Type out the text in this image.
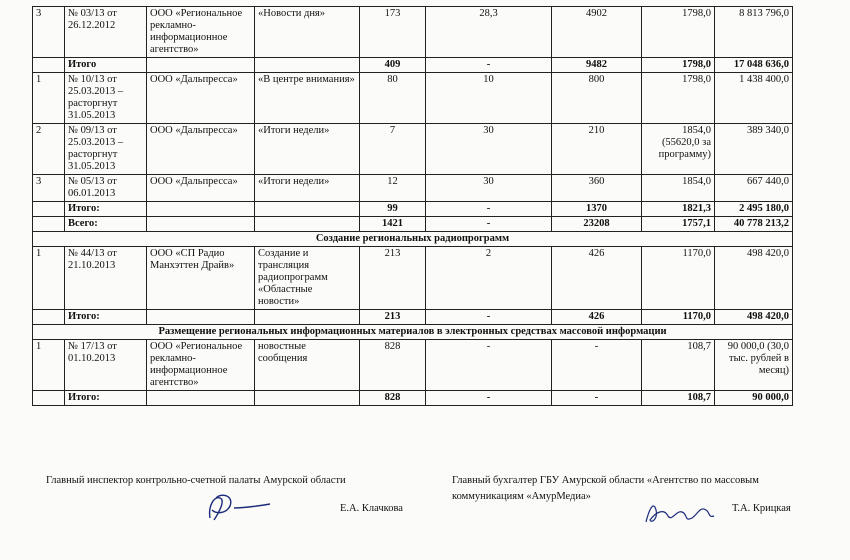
3	№ 03/13 от 26.12.2012	ООО «Региональное рекламно-информационное агентство»	«Новости дня»	173	28,3	4902	1798,0	8 813 796,0
	Итого			409	-	9482	1798,0	17 048 636,0
1	№ 10/13 от 25.03.2013 – расторгнут 31.05.2013	ООО «Дальпресса»	«В центре внимания»	80	10	800	1798,0	1 438 400,0
2	№ 09/13 от 25.03.2013 – расторгнут 31.05.2013	ООО «Дальпресса»	«Итоги недели»	7	30	210	1854,0 (55620,0 за программу)	389 340,0
3	№ 05/13 от 06.01.2013	ООО «Дальпресса»	«Итоги недели»	12	30	360	1854,0	667 440,0
	Итого:			99	-	1370	1821,3	2 495 180,0
	Всего:			1421	-	23208	1757,1	40 778 213,2
Создание региональных радиопрограмм								
1	№ 44/13 от 21.10.2013	ООО «СП Радио Манхэттен Драйв»	Создание и трансляция радиопрограмм «Областные новости»	213	2	426	1170,0	498 420,0
	Итого:			213	-	426	1170,0	498 420,0
Размещение региональных информационных материалов в электронных средствах массовой информации								
1	№ 17/13 от 01.10.2013	ООО «Региональное рекламно-информационное агентство»	новостные сообщения	828	-	-	108,7	90 000,0 (30,0 тыс. рублей в месяц)
	Итого:			828	-	-	108,7	90 000,0
Главный инспектор контрольно-счетной палаты Амурской области
Е.А. Клачкова
Главный бухгалтер ГБУ Амурской области «Агентство по массовым
коммуникациям «АмурМедиа»
Т.А. Крицкая
